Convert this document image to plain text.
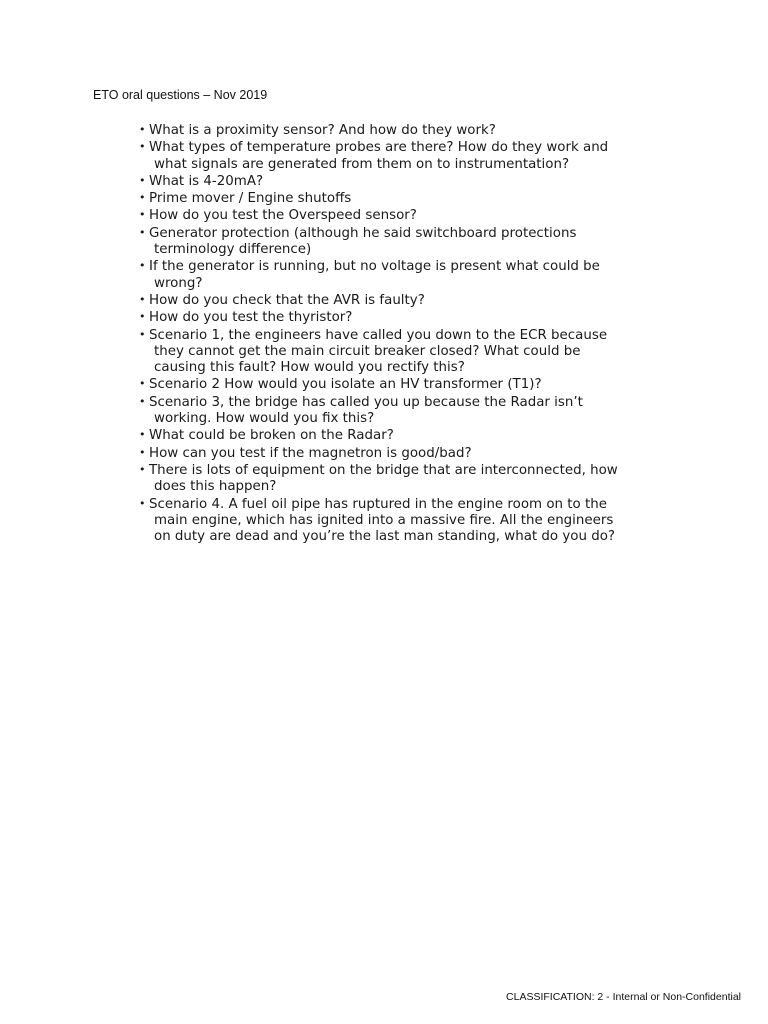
ETO oral questions – Nov 2019
• What is a proximity sensor? And how do they work?
• What types of temperature probes are there? How do they work and
what signals are generated from them on to instrumentation?
• What is 4-20mA?
• Prime mover / Engine shutoffs
• How do you test the Overspeed sensor?
• Generator protection (although he said switchboard protections
terminology difference)
• If the generator is running, but no voltage is present what could be
wrong?
• How do you check that the AVR is faulty?
• How do you test the thyristor?
• Scenario 1, the engineers have called you down to the ECR because
they cannot get the main circuit breaker closed? What could be
causing this fault? How would you rectify this?
• Scenario 2 How would you isolate an HV transformer (T1)?
• Scenario 3, the bridge has called you up because the Radar isn’t
working. How would you fix this?
• What could be broken on the Radar?
• How can you test if the magnetron is good/bad?
• There is lots of equipment on the bridge that are interconnected, how
does this happen?
• Scenario 4. A fuel oil pipe has ruptured in the engine room on to the
main engine, which has ignited into a massive fire. All the engineers
on duty are dead and you’re the last man standing, what do you do?
CLASSIFICATION: 2 - Internal or Non-Confidential
